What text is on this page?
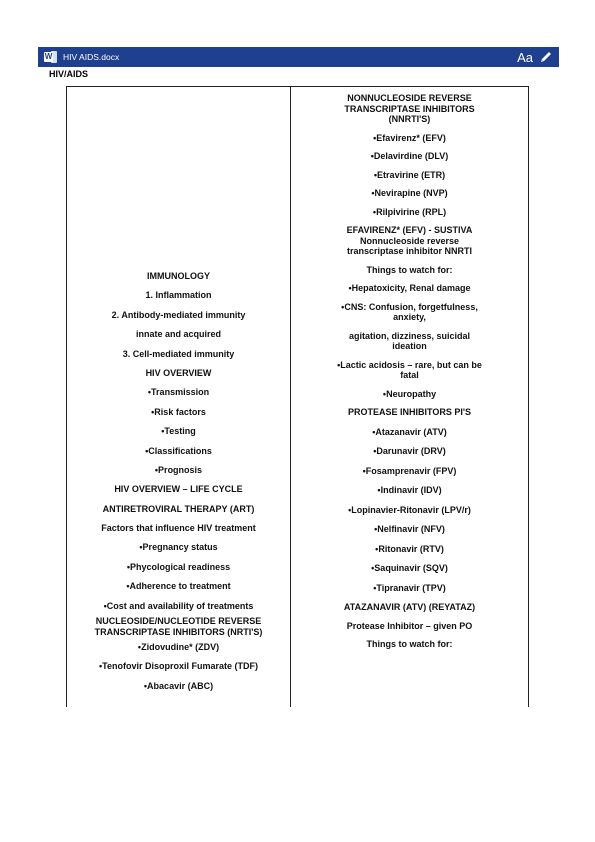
W HIV AIDS.docx	Aa
HIV/AIDS
IMMUNOLOGY
1. Inflammation
2. Antibody-mediated immunity
innate and acquired
3. Cell-mediated immunity
HIV OVERVIEW
•Transmission
•Risk factors
•Testing
•Classifications
•Prognosis
HIV OVERVIEW – LIFE CYCLE
ANTIRETROVIRAL THERAPY (ART)
Factors that influence HIV treatment
•Pregnancy status
•Phycological readiness
•Adherence to treatment
•Cost and availability of treatments
NUCLEOSIDE/NUCLEOTIDE REVERSE
TRANSCRIPTASE INHIBITORS (NRTI'S)
•Zidovudine* (ZDV)
•Tenofovir Disoproxil Fumarate (TDF)
•Abacavir (ABC)
NONNUCLEOSIDE REVERSE
TRANSCRIPTASE INHIBITORS
(NNRTI'S)
•Efavirenz* (EFV)
•Delavirdine (DLV)
•Etravirine (ETR)
•Nevirapine (NVP)
•Rilpivirine (RPL)
EFAVIRENZ* (EFV) - SUSTIVA
Nonnucleoside reverse
transcriptase inhibitor NNRTI
Things to watch for:
•Hepatoxicity, Renal damage
•CNS: Confusion, forgetfulness,
anxiety,
agitation, dizziness, suicidal
ideation
•Lactic acidosis – rare, but can be
fatal
•Neuropathy
PROTEASE INHIBITORS PI'S
•Atazanavir (ATV)
•Darunavir (DRV)
•Fosamprenavir (FPV)
•Indinavir (IDV)
•Lopinavier-Ritonavir (LPV/r)
•Nelfinavir (NFV)
•Ritonavir (RTV)
•Saquinavir (SQV)
•Tipranavir (TPV)
ATAZANAVIR (ATV) (REYATAZ)
Protease Inhibitor – given PO
Things to watch for:
